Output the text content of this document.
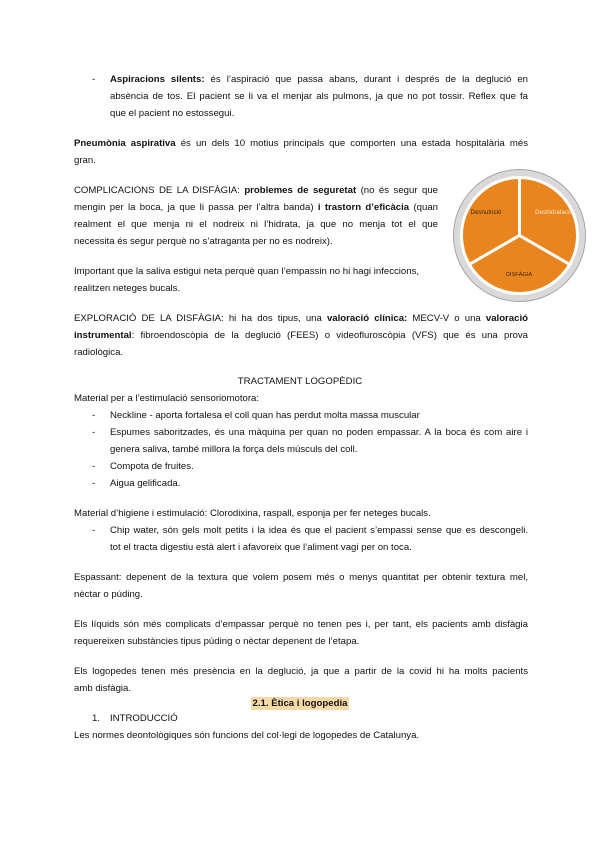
- Aspiracions silents: és l’aspiració que passa abans, durant i després de la deglució en
absència de tos. El pacient se li va el menjar als pulmons, ja que no pot tossir. Reflex que fa
que el pacient no estossegui.
Pneumònia aspirativa és un dels 10 motius principals que comporten una estada hospitalària més
gran.
COMPLICACIONS DE LA DISFÀGIA: problemes de seguretat (no és segur que
mengin per la boca, ja que li passa per l’altra banda) i trastorn d’eficàcia (quan
realment el que menja ni el nodreix ni l’hidrata, ja que no menja tot el que
necessita és segur perquè no s’atraganta per no es nodreix).
Desnutrició	Deshidratació
DISFÀGIA
Important que la saliva estigui neta perquè quan l’empassin no hi hagi infeccions,
realitzen neteges bucals.
EXPLORACIÓ DE LA DISFÀGIA: hi ha dos tipus, una valoració clínica: MECV-V o una valoració
instrumental: fibroendoscòpia de la deglució (FEES) o videofluroscòpia (VFS) que és una prova
radiològica.
TRACTAMENT LOGOPÈDIC
Material per a l’estimulació sensoriomotora:
- Neckline - aporta fortalesa el coll quan has perdut molta massa muscular
- Espumes saboritzades, és una màquina per quan no poden empassar. A la boca és com aire i
genera saliva, també millora la força dels músculs del coll.
- Compota de fruites.
- Aigua gelificada.
Material d’higiene i estimulació: Clorodixina, raspall, esponja per fer neteges bucals.
- Chip water, són gels molt petits i la idea és que el pacient s’empassi sense que es descongeli.
tot el tracta digestiu està alert i afavoreix que l’aliment vagi per on toca.
Espassant: depenent de la textura que volem posem més o menys quantitat per obtenir textura mel,
nèctar o púding.
Els líquids són més complicats d’empassar perquè no tenen pes i, per tant, els pacients amb disfàgia
requereixen substàncies tipus púding o nèctar depenent de l’etapa.
Els logopedes tenen més presència en la deglució, ja que a partir de la covid hi ha molts pacients
amb disfàgia.
2.1. Ètica i logopedia
1. INTRODUCCIÓ
Les normes deontològiques són funcions del col·legi de logopedes de Catalunya.
